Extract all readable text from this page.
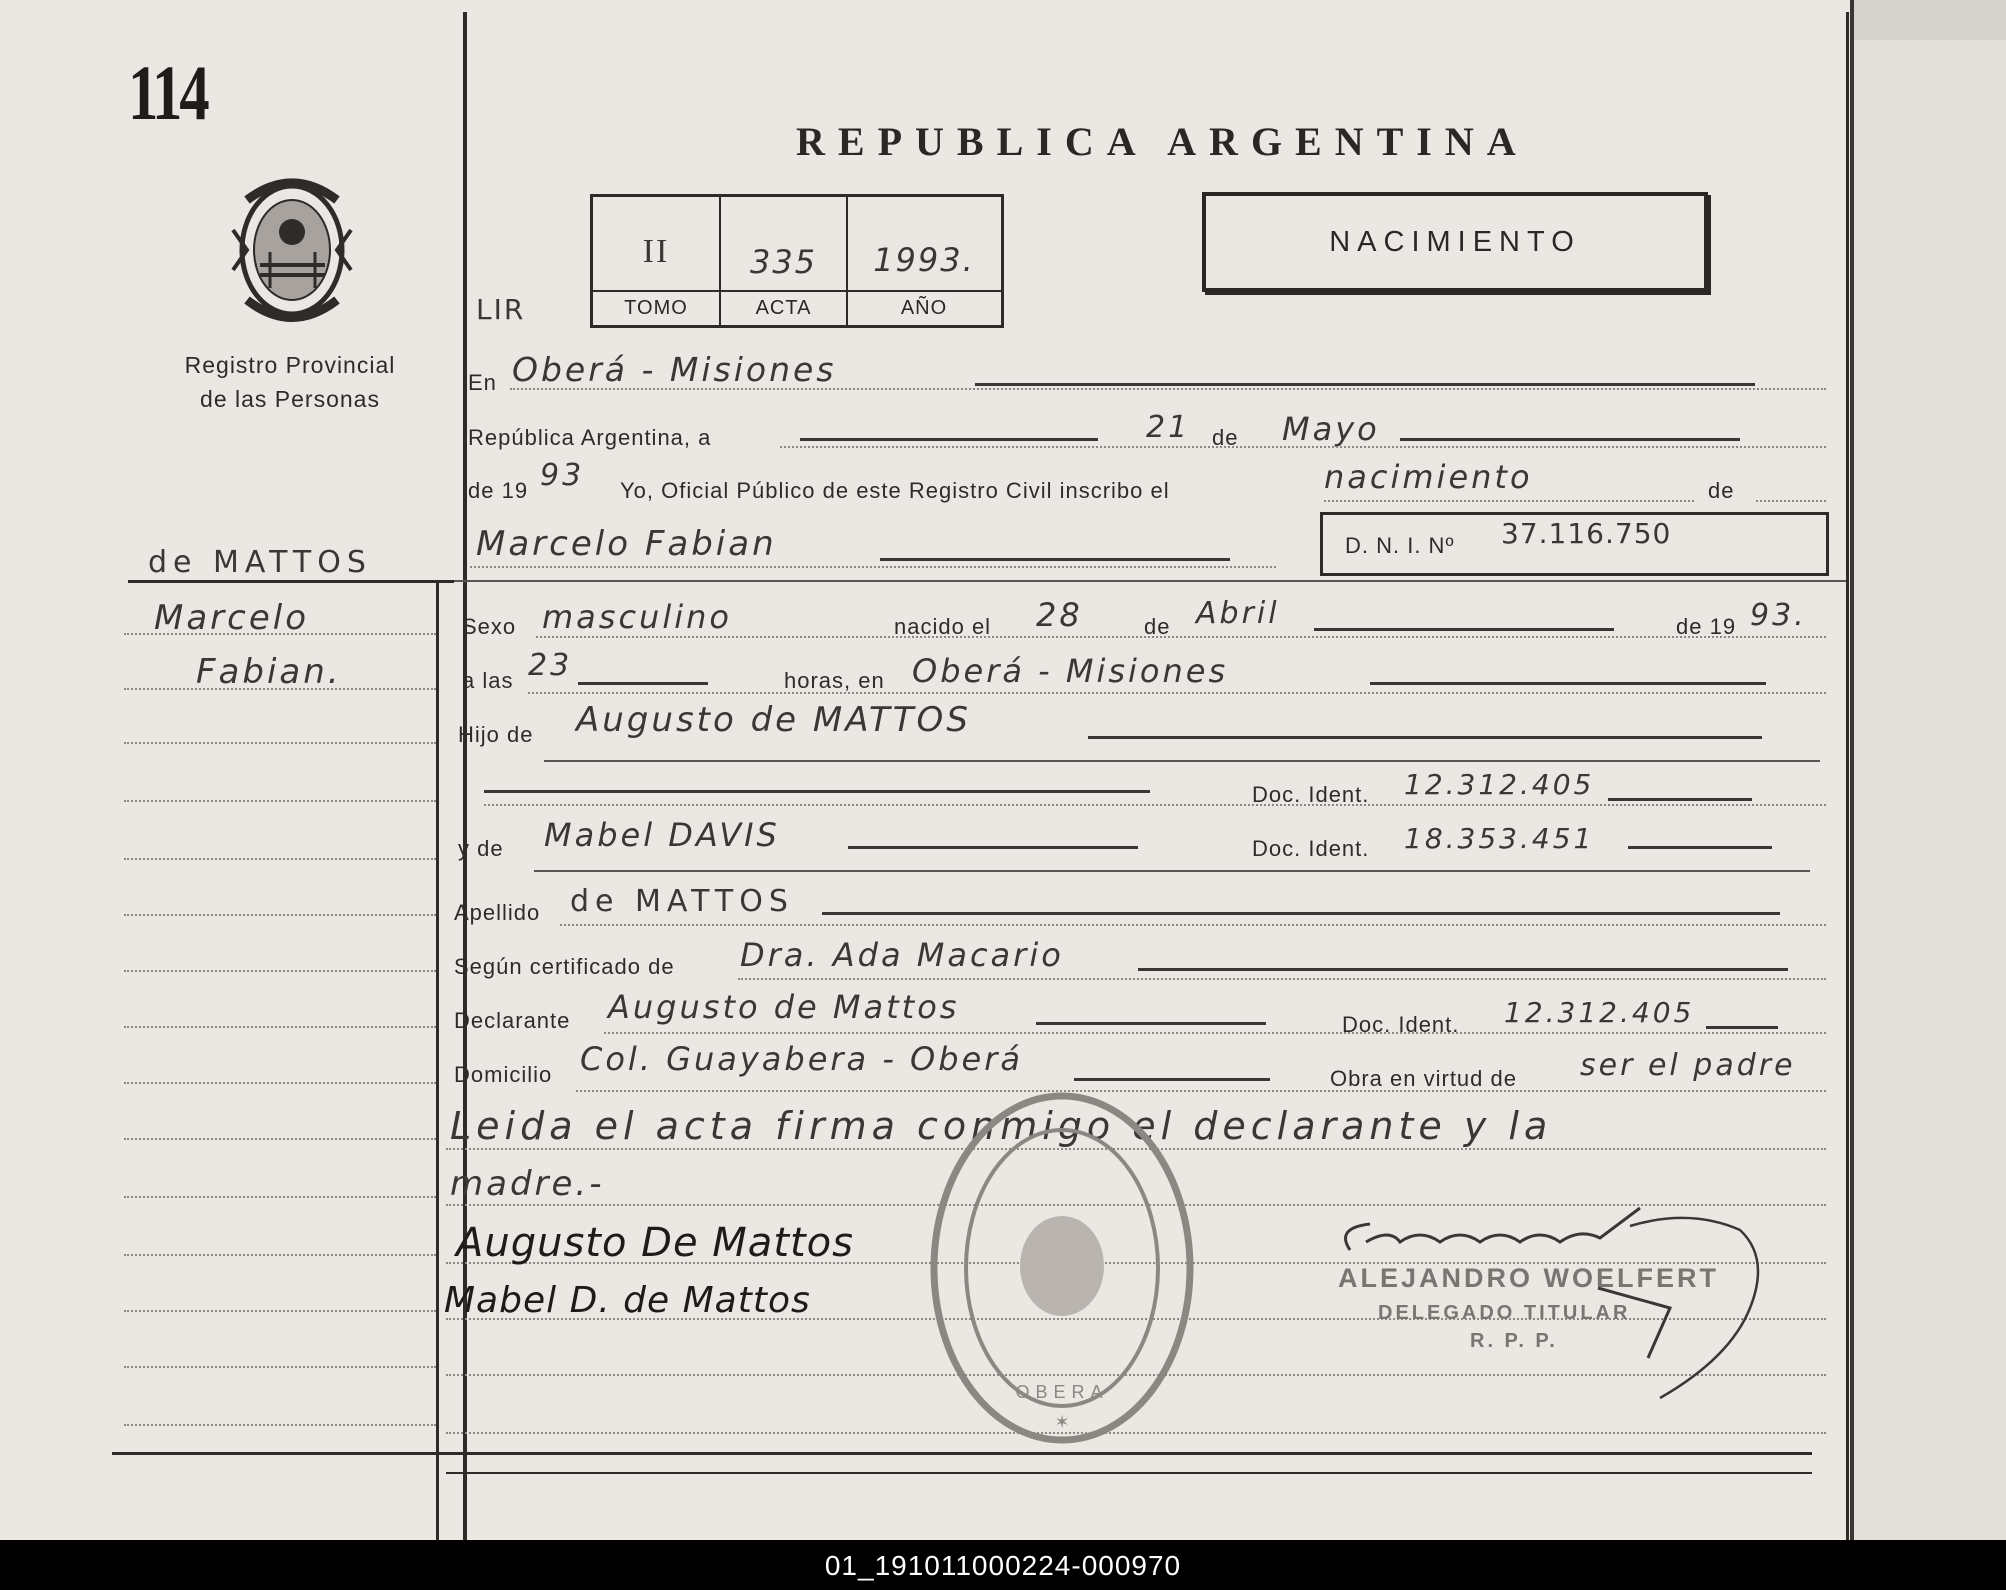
114
Registro Provincial
de las Personas
REPUBLICA ARGENTINA
LIR
II	335	1993.
TOMO	ACTA	AÑO
NACIMIENTO
de MATTOS
Marcelo
Fabian.
En Oberá - Misiones
República Argentina, a	21 de Mayo
de 19 93 Yo, Oficial Público de este Registro Civil inscribo el	nacimiento	de
Marcelo Fabian	D. N. I. Nº 37.116.750
Sexo masculino	nacido el 28	de Abril	de 19 93.
a las 23	horas, en Oberá - Misiones
Hijo de Augusto de MATTOS
Doc. Ident. 12.312.405
y de Mabel DAVIS	Doc. Ident. 18.353.451
Apellido de MATTOS
Según certificado de Dra. Ada Macario
Declarante Augusto de Mattos	Doc. Ident. 12.312.405
Domicilio Col. Guayabera - Oberá
Obra en virtud de ser el padre
Leida el acta firma conmigo el declarante y la
madre.-
Augusto De Mattos
Mabel D. de Mattos
OBERA
✶
ALEJANDRO WOELFERT
DELEGADO TITULAR
R. P. P.
01_191011000224-000970
